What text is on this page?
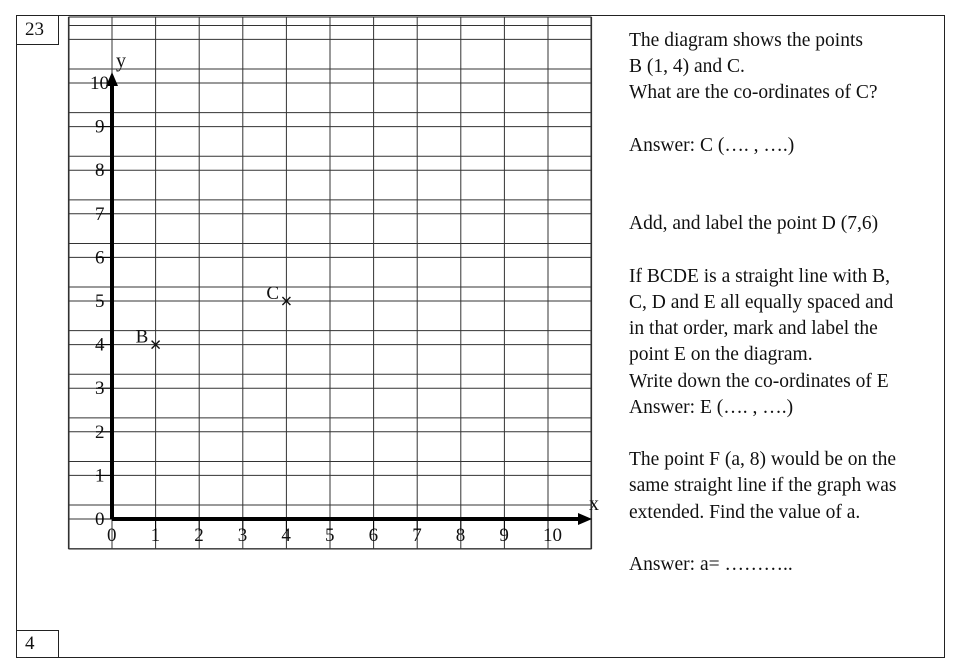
23
4
x
y
0 1 2 3 4 5 6 7 8 9 10
0
1
2
3
4
5
6
7
8
9
10
B
C
The diagram shows the points
B (1, 4) and C.
What are the co-ordinates of C?
Answer: C (…. , ….)
Add, and label the point D (7,6)
If BCDE is a straight line with B,
C, D and E all equally spaced and
in that order, mark and label the
point E on the diagram.
Write down the co-ordinates of E
Answer: E (…. , ….)
The point F (a, 8) would be on the
same straight line if the graph was
extended. Find the value of a.
Answer: a= ………..
